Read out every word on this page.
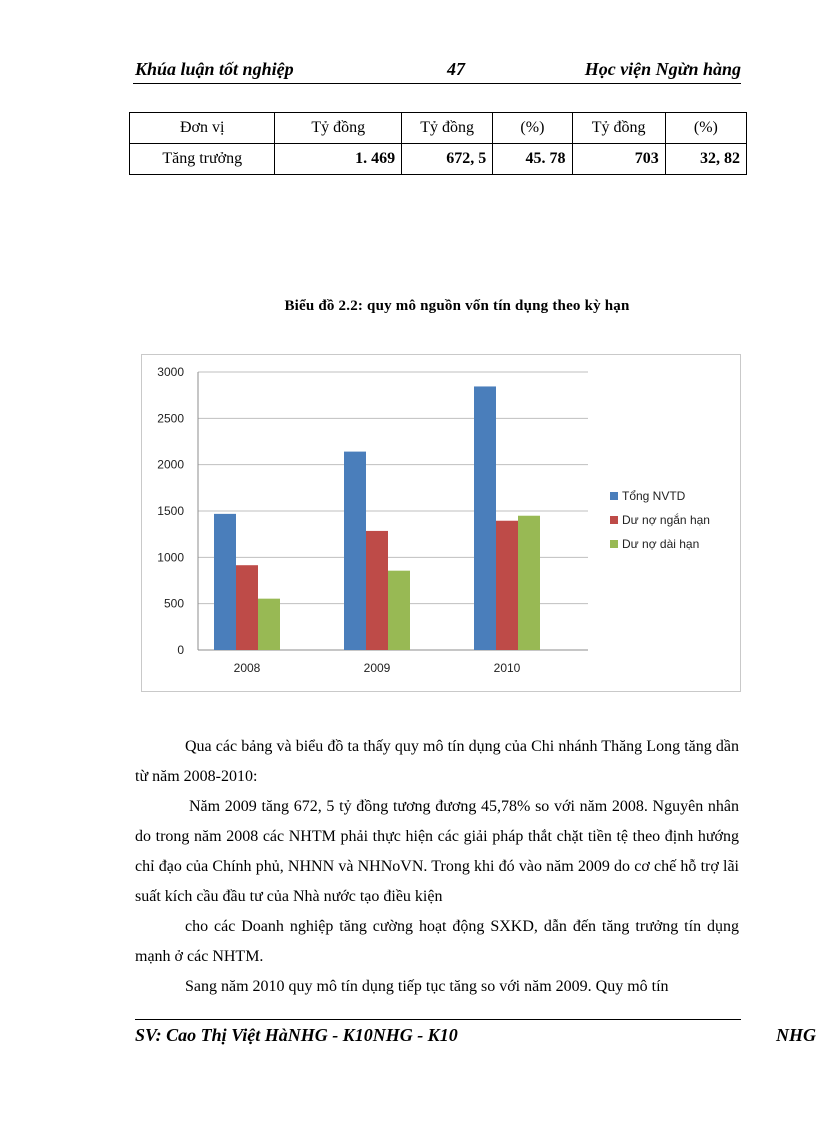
Khúa luận tốt nghiệp	47	Học viện Ngừn hàng
Đơn vị	Tỷ đồng	Tỷ đồng	(%)	Tỷ đồng	(%)
Tăng trưởng	1. 469	672, 5	45. 78	703	32, 82
Biểu đồ 2.2: quy mô nguồn vốn tín dụng theo kỳ hạn
0
500
1000
1500
2000
2500
3000
2008	2009	2010
Tổng NVTD
Dư nợ ngắn hạn
Dư nợ dài hạn

Qua các bảng và biểu đồ ta thấy quy mô tín dụng của Chi nhánh Thăng Long tăng dần từ năm 2008-2010:

Năm 2009 tăng 672, 5 tỷ đồng tương đương 45,78% so với năm 2008. Nguyên nhân do trong năm 2008 các NHTM phải thực hiện các giải pháp thắt chặt tiền tệ theo định hướng chỉ đạo của Chính phủ, NHNN và NHNoVN. Trong khi đó vào năm 2009 do cơ chế hỗ trợ lãi suất kích cầu đầu tư của Nhà nước tạo điều kiện

cho các Doanh nghiệp tăng cường hoạt động SXKD, dẫn đến tăng trưởng tín dụng mạnh ở các NHTM.

Sang năm 2010 quy mô tín dụng tiếp tục tăng so với năm 2009. Quy mô tín

SV: Cao Thị Việt HàNHG - K10NHG - K10	NHG
